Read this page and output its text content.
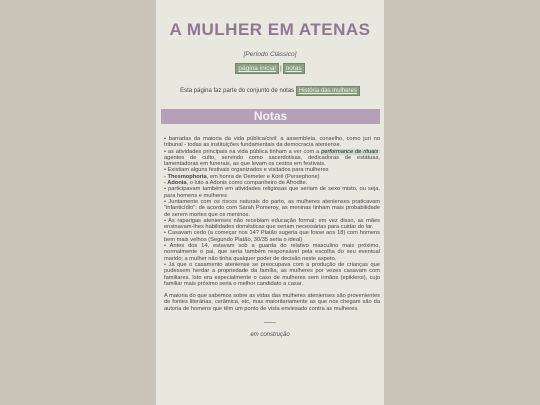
A MULHER EM ATENAS
[Período Clássico]
página inicial | notas
Esta página faz parte do conjunto de notas História das mulheres
Notas

• barradas da maioria da vida pública/civil: a assembleia, conselho, como juri no tribunal - todas as instituições fundamentais da democracia ateniense.

• as atividades principais na vida pública tinham a ver com a performance de rituais: agentes de culto, servindo como sacerdotisas, dedicadoras de estátuas, lamentadoras em funerais, as que levam os cestos em festivais.

• Existiam alguns festivais organizados e visitados para mulheres

- Thesmophoria, em honra de Demeter e Korê (Persephone)

- Adonia, o luto a Adonis como companheiro de Afrodite.

• participavam também em atividades religiosas que seriam de sexo misto, ou seja, para homens e mulheres

• Juntamente com os riscos naturais do parto, as mulheres atenienses praticavam "infanticídio": de acordo com Sarah Pomeroy, as meninas tinham mais probabilidade de serem mortes que os meninos.

• As raparigas atenienses não recebiam educação formal; em vez disso, as mães ensinavam-lhes habilidades domésticas que seriam necessárias para cuidar do lar.

• Casavam cedo (a começar nos 14? Platão sugeria que fosse aos 18) com homens bem mais velhos (Segundo Platão, 30/35 seria o ideal)

• Antes dos 14, estavam sob a guarda do relativo masculino mais próximo, normalmente o pai, que seria também responsável pela escolha do seu eventual marido; a mulher não tinha qualquer poder de decisão neste aspeto.

• Já que o casamento ateniense se preocupava com a produção de crianças que pudessem herdar a propriedade da família, as mulheres por vezes casavam com familiares. Isto era especialmente o caso de mulheres sem irmãos (epikleroi), cujo familiar mais próximo seria o melhor candidato a casar.

A maioria do que sabemos sobre as vidas das mulheres atenienses são provenientes de fontes literárias, cerâmica, etc, mas maioritariamente as que nos chegam são da autoria de homens que têm um ponto de vista enviesado contra as mulheres.

——
em construção
